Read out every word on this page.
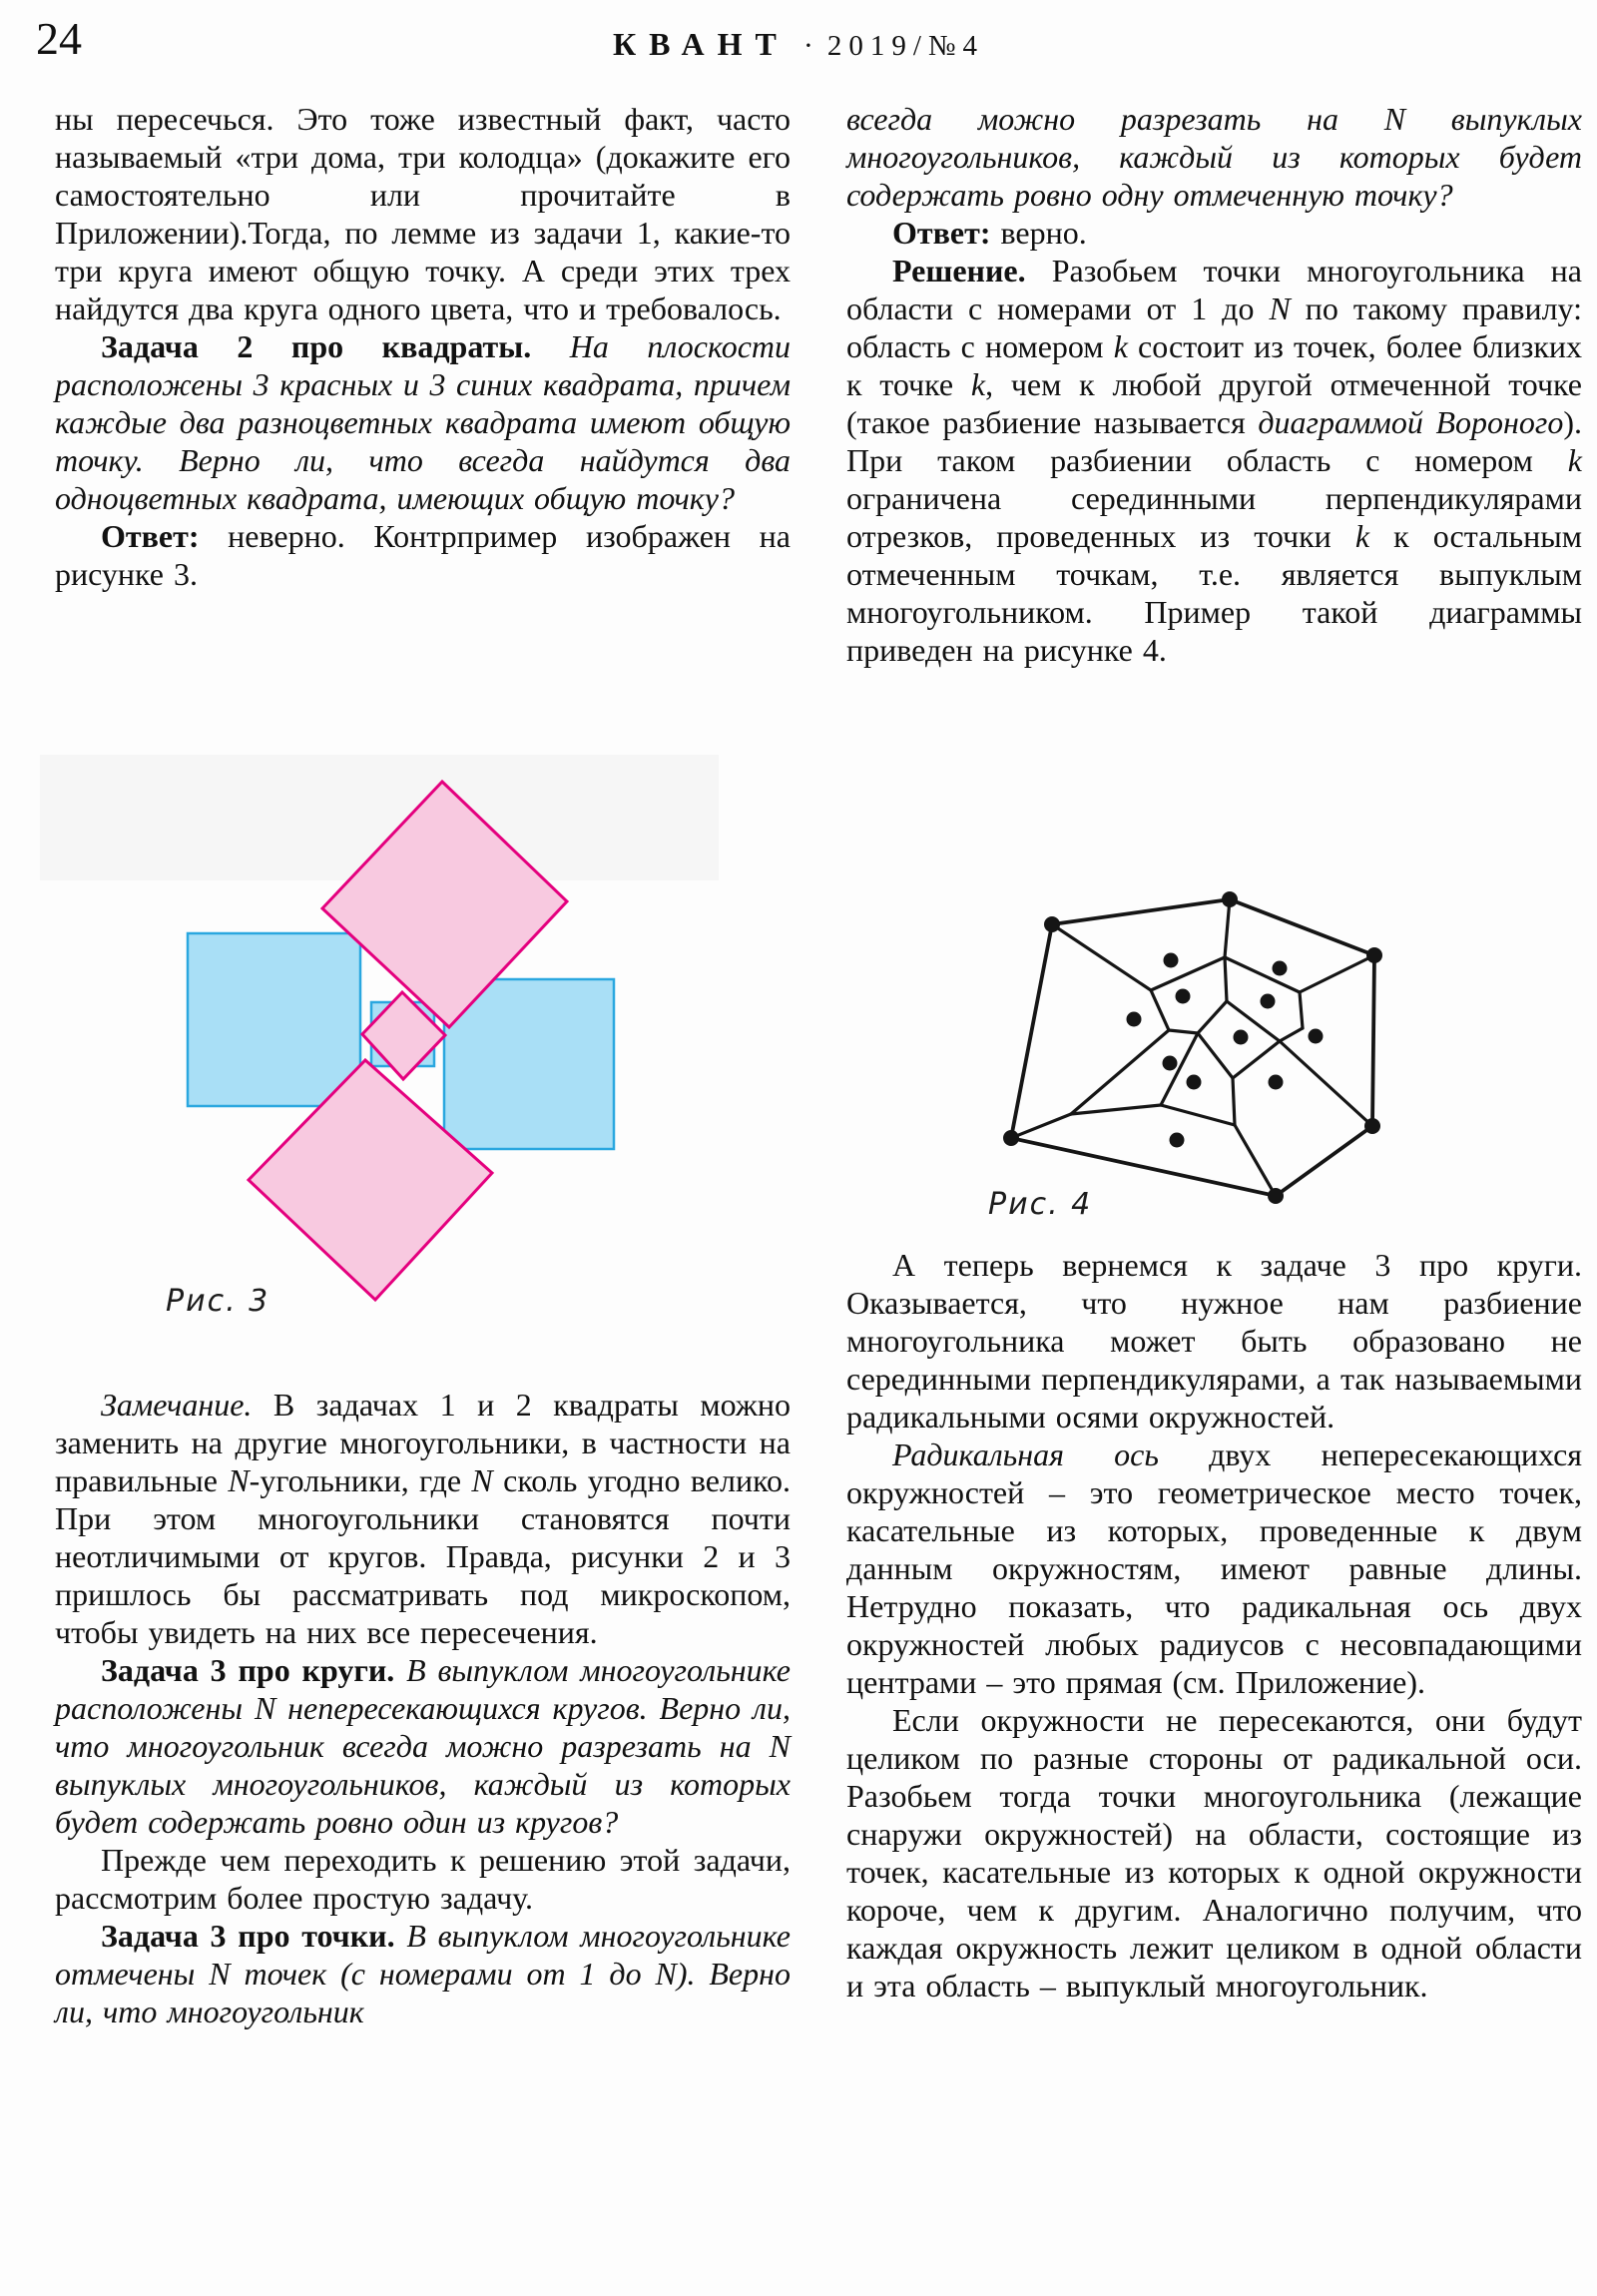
24	КВАНТ · 2019/№4

ны пересечься. Это тоже известный факт, часто называемый «три дома, три колодца» (докажите его самостоятельно или прочитайте в Приложении).Тогда, по лемме из задачи 1, какие-то три круга имеют общую точку. А среди этих трех найдутся два круга одного цвета, что и требовалось.

Задача 2 про квадраты. На плоскости расположены 3 красных и 3 синих квадрата, причем каждые два разноцветных квадрата имеют общую точку. Верно ли, что всегда найдутся два одноцветных квадрата, имеющих общую точку?

Ответ: неверно. Контрпример изображен на рисунке 3.

Рис. 3

Замечание. В задачах 1 и 2 квадраты можно заменить на другие многоугольники, в частности на правильные N-угольники, где N сколь угодно велико. При этом многоугольники становятся почти неотличимыми от кругов. Правда, рисунки 2 и 3 пришлось бы рассматривать под микроскопом, чтобы увидеть на них все пересечения.

Задача 3 про круги. В выпуклом многоугольнике расположены N непересекающихся кругов. Верно ли, что многоугольник всегда можно разрезать на N выпуклых многоугольников, каждый из которых будет содержать ровно один из кругов?

Прежде чем переходить к решению этой задачи, рассмотрим более простую задачу.

Задача 3 про точки. В выпуклом многоугольнике отмечены N точек (с номерами от 1 до N). Верно ли, что многоугольник

всегда можно разрезать на N выпуклых многоугольников, каждый из которых будет содержать ровно одну отмеченную точку?

Ответ: верно.

Решение. Разобьем точки многоугольника на области с номерами от 1 до N по такому правилу: область с номером k состоит из точек, более близких к точке k, чем к любой другой отмеченной точке (такое разбиение называется диаграммой Вороного). При таком разбиении область с номером k ограничена серединными перпендикулярами отрезков, проведенных из точки k к остальным отмеченным точкам, т.е. является выпуклым многоугольником. Пример такой диаграммы приведен на рисунке 4.

Рис. 4

А теперь вернемся к задаче 3 про круги. Оказывается, что нужное нам разбиение многоугольника может быть образовано не серединными перпендикулярами, а так называемыми радикальными осями окружностей.

Радикальная ось двух непересекающихся окружностей – это геометрическое место точек, касательные из которых, проведенные к двум данным окружностям, имеют равные длины. Нетрудно показать, что радикальная ось двух окружностей любых радиусов с несовпадающими центрами – это прямая (см. Приложение).

Если окружности не пересекаются, они будут целиком по разные стороны от радикальной оси. Разобьем тогда точки многоугольника (лежащие снаружи окружностей) на области, состоящие из точек, касательные из которых к одной окружности короче, чем к другим. Аналогично получим, что каждая окружность лежит целиком в одной области и эта область – выпуклый многоугольник.
